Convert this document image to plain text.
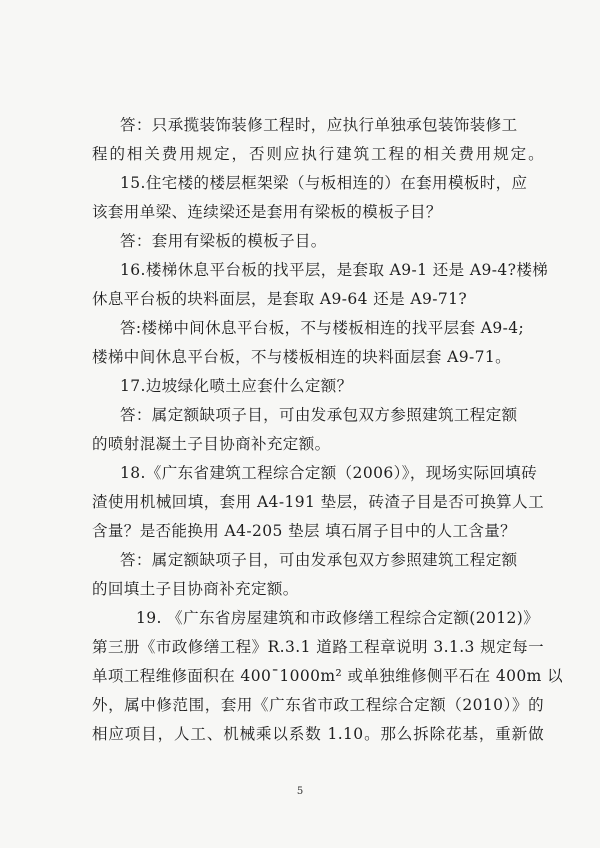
答：只承揽装饰装修工程时，应执行单独承包装饰装修工
程的相关费用规定，否则应执行建筑工程的相关费用规定。
15.住宅楼的楼层框架梁（与板相连的）在套用模板时，应
该套用单梁、连续梁还是套用有梁板的模板子目？
答：套用有梁板的模板子目。
16.楼梯休息平台板的找平层，是套取 A9-1 还是 A9-4?楼梯
休息平台板的块料面层，是套取 A9-64 还是 A9-71?
答:楼梯中间休息平台板，不与楼板相连的找平层套 A9-4;
楼梯中间休息平台板，不与楼板相连的块料面层套 A9-71。
17.边坡绿化喷土应套什么定额？
答：属定额缺项子目，可由发承包双方参照建筑工程定额
的喷射混凝土子目协商补充定额。
18.《广东省建筑工程综合定额（2006）》，现场实际回填砖
渣使用机械回填，套用 A4-191 垫层，砖渣子目是否可换算人工
含量？是否能换用 A4-205 垫层 填石屑子目中的人工含量？
答：属定额缺项子目，可由发承包双方参照建筑工程定额
的回填土子目协商补充定额。
19. 《广东省房屋建筑和市政修缮工程综合定额(2012)》
第三册《市政修缮工程》R.3.1 道路工程章说明 3.1.3 规定每一
单项工程维修面积在 400¯1000m² 或单独维修侧平石在 400m 以
外，属中修范围，套用《广东省市政工程综合定额（2010）》的
相应项目，人工、机械乘以系数 1.10。那么拆除花基，重新做
5
